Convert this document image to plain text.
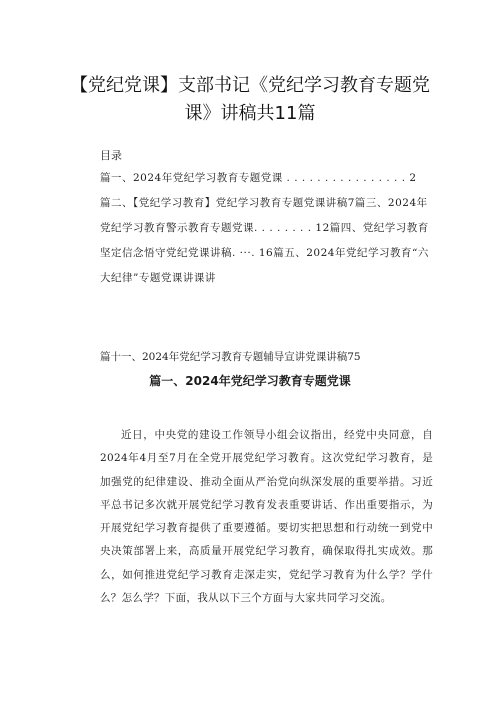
【党纪党课】支部书记《党纪学习教育专题党课》讲稿共11篇
目录

篇一、2024年党纪学习教育专题党课 . . . . . . . . . . . . . . . . 2

篇二、【党纪学习教育】党纪学习教育专题党课讲稿7篇三、2024年党纪学习教育警示教育专题党课. . . . . . . . 12篇四、党纪学习教育坚定信念悟守党纪党课讲稿. ···. 16篇五、2024年党纪学习教育“六大纪律”专题党课讲课讲

篇十一、2024年党纪学习教育专题辅导宣讲党课讲稿75
篇一、2024年党纪学习教育专题党课

近日，中央党的建设工作领导小组会议指出，经党中央同意，自2024年4月至7月在全党开展党纪学习教育。这次党纪学习教育，是加强党的纪律建设、推动全面从严治党向纵深发展的重要举措。习近平总书记多次就开展党纪学习教育发表重要讲话、作出重要指示，为开展党纪学习教育提供了重要遵循。要切实把思想和行动统一到党中央决策部署上来，高质量开展党纪学习教育，确保取得扎实成效。那么，如何推进党纪学习教育走深走实，党纪学习教育为什么学？学什么？怎么学？下面，我从以下三个方面与大家共同学习交流。
